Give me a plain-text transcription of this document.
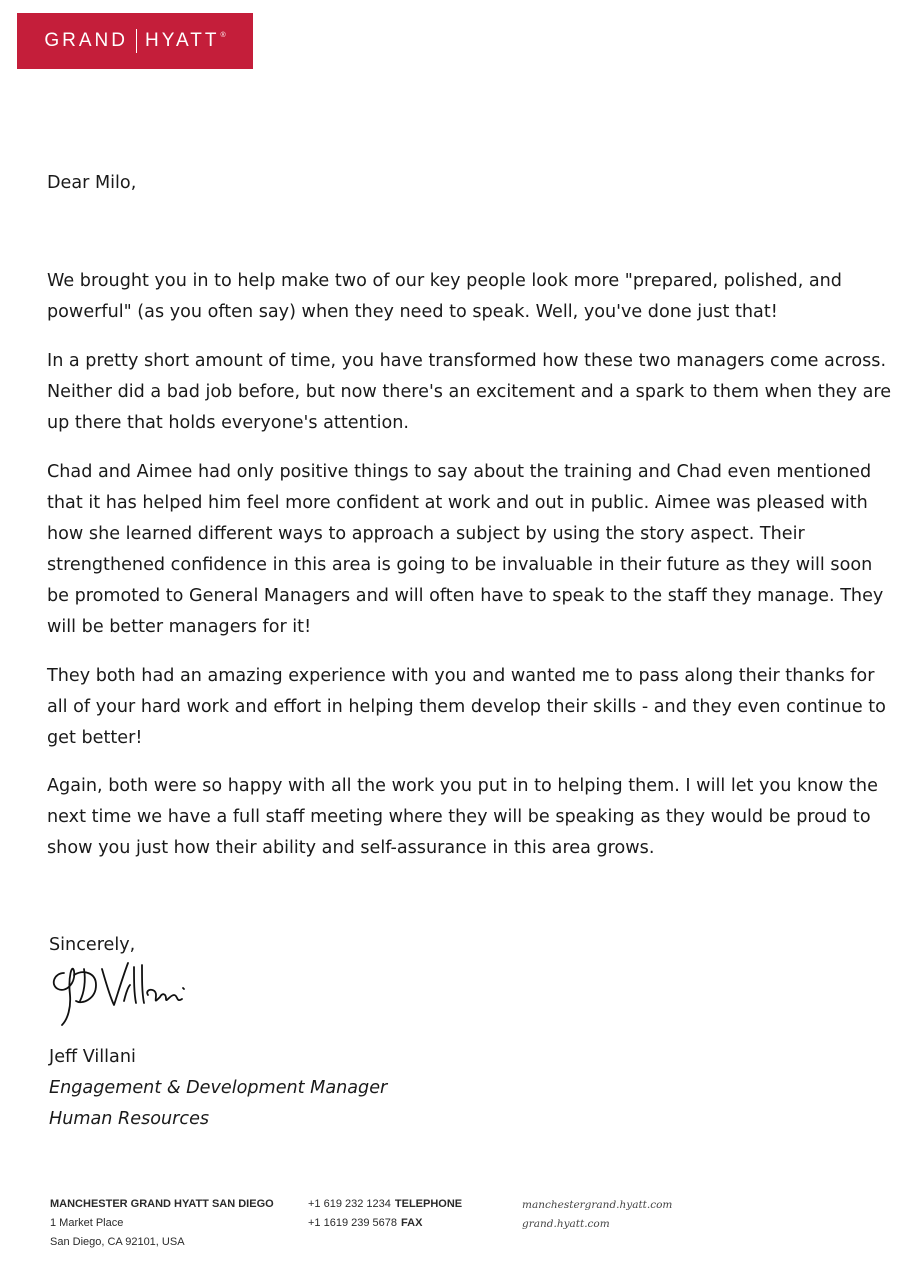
GRAND HYATT ®

Dear Milo,

We brought you in to help make two of our key people look more "prepared, polished, and powerful" (as you often say) when they need to speak. Well, you've done just that!

In a pretty short amount of time, you have transformed how these two managers come across. Neither did a bad job before, but now there's an excitement and a spark to them when they are up there that holds everyone's attention.

Chad and Aimee had only positive things to say about the training and Chad even mentioned that it has helped him feel more confident at work and out in public. Aimee was pleased with how she learned different ways to approach a subject by using the story aspect. Their strengthened confidence in this area is going to be invaluable in their future as they will soon be promoted to General Managers and will often have to speak to the staff they manage. They will be better managers for it!

They both had an amazing experience with you and wanted me to pass along their thanks for all of your hard work and effort in helping them develop their skills - and they even continue to get better!

Again, both were so happy with all the work you put in to helping them. I will let you know the next time we have a full staff meeting where they will be speaking as they would be proud to show you just how their ability and self-assurance in this area grows.

Sincerely,

Jeff Villani

Engagement & Development Manager

Human Resources

MANCHESTER GRAND HYATT SAN DIEGO
1 Market Place
San Diego, CA 92101, USA
+1 619 232 1234 TELEPHONE
+1 1619 239 5678 FAX
manchestergrand.hyatt.com
grand.hyatt.com
